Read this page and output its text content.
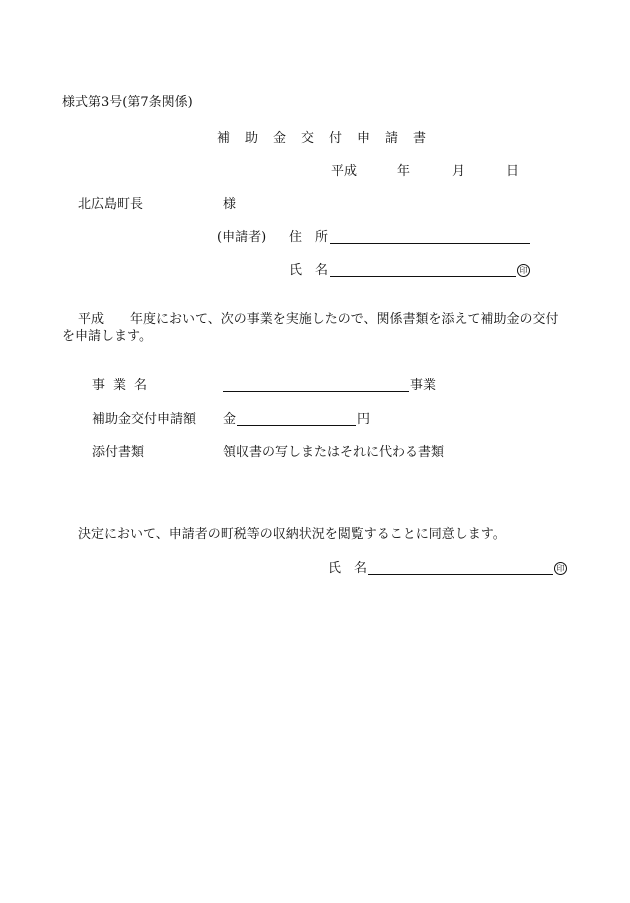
様式第3号(第7条関係)
補助金交付申請書
平成	年	月	日
北広島町長	様
(申請者) 住　所
氏　名	印
平成　　年度において、次の事業を実施したので、関係書類を添えて補助金の交付
を申請します。
事業名	事業
補助金交付申請額 金	円
添付書類	領収書の写しまたはそれに代わる書類
決定において、申請者の町税等の収納状況を閲覧することに同意します。
氏　名	印
